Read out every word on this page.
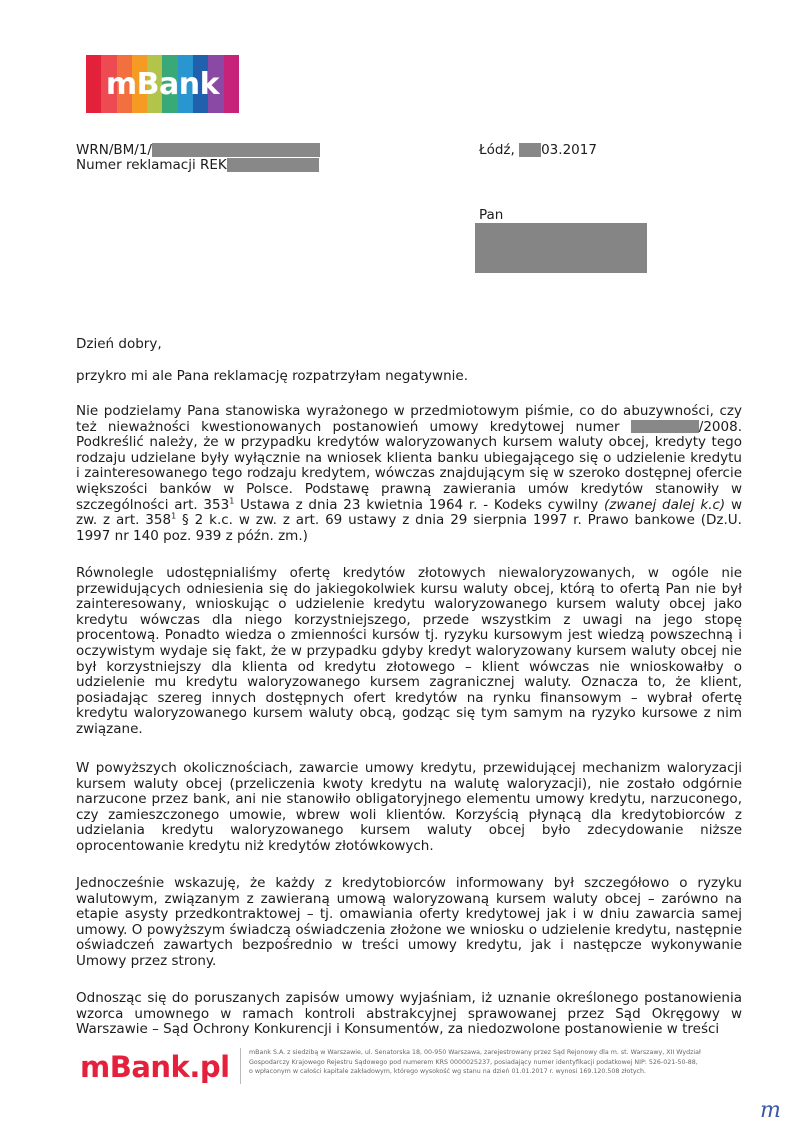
mBank
WRN/BM/1/
Numer reklamacji REK
Łódź, 03.2017
Pan

Dzień dobry,

przykro mi ale Pana reklamację rozpatrzyłam negatywnie.

Nie podzielamy Pana stanowiska wyrażonego w przedmiotowym piśmie, co do abuzywności, czy też nieważności kwestionowanych postanowień umowy kredytowej numer	/2008. Podkreślić należy, że w przypadku kredytów waloryzowanych kursem waluty obcej, kredyty tego rodzaju udzielane były wyłącznie na wniosek klienta banku ubiegającego się o udzielenie kredytu i zainteresowanego tego rodzaju kredytem, wówczas znajdującym się w szeroko dostępnej ofercie większości banków w Polsce. Podstawę prawną zawierania umów kredytów stanowiły w szczególności art. $353^1$ Ustawa z dnia 23 kwietnia 1964 r. - Kodeks cywilny (zwanej dalej k.c) w zw. z art. $358^1$ § 2 k.c. w zw. z art. 69 ustawy z dnia 29 sierpnia 1997 r. Prawo bankowe (Dz.U. 1997 nr 140 poz. 939 z późn. zm.)

Równolegle udostępnialiśmy ofertę kredytów złotowych niewaloryzowanych, w ogóle nie przewidujących odniesienia się do jakiegokolwiek kursu waluty obcej, którą to ofertą Pan nie był zainteresowany, wnioskując o udzielenie kredytu waloryzowanego kursem waluty obcej jako kredytu wówczas dla niego korzystniejszego, przede wszystkim z uwagi na jego stopę procentową. Ponadto wiedza o zmienności kursów tj. ryzyku kursowym jest wiedzą powszechną i oczywistym wydaje się fakt, że w przypadku gdyby kredyt waloryzowany kursem waluty obcej nie był korzystniejszy dla klienta od kredytu złotowego – klient wówczas nie wnioskowałby o udzielenie mu kredytu waloryzowanego kursem zagranicznej waluty. Oznacza to, że klient, posiadając szereg innych dostępnych ofert kredytów na rynku finansowym – wybrał ofertę kredytu waloryzowanego kursem waluty obcą, godząc się tym samym na ryzyko kursowe z nim związane.

W powyższych okolicznościach, zawarcie umowy kredytu, przewidującej mechanizm waloryzacji kursem waluty obcej (przeliczenia kwoty kredytu na walutę waloryzacji), nie zostało odgórnie narzucone przez bank, ani nie stanowiło obligatoryjnego elementu umowy kredytu, narzuconego, czy zamieszczonego umowie, wbrew woli klientów. Korzyścią płynącą dla kredytobiorców z udzielania kredytu waloryzowanego kursem waluty obcej było zdecydowanie niższe oprocentowanie kredytu niż kredytów złotówkowych.

Jednocześnie wskazuję, że każdy z kredytobiorców informowany był szczegółowo o ryzyku walutowym, związanym z zawieraną umową waloryzowaną kursem waluty obcej – zarówno na etapie asysty przedkontraktowej – tj. omawiania oferty kredytowej jak i w dniu zawarcia samej umowy. O powyższym świadczą oświadczenia złożone we wniosku o udzielenie kredytu, następnie oświadczeń zawartych bezpośrednio w treści umowy kredytu, jak i następcze wykonywanie Umowy przez strony.

Odnosząc się do poruszanych zapisów umowy wyjaśniam, iż uznanie określonego postanowienia wzorca umownego w ramach kontroli abstrakcyjnej sprawowanej przez Sąd Okręgowy w Warszawie – Sąd Ochrony Konkurencji i Konsumentów, za niedozwolone postanowienie w treści

mBank.pl	mBank S.A. z siedzibą w Warszawie, ul. Senatorska 18, 00-950 Warszawa, zarejestrowany przez Sąd Rejonowy dla m. st. Warszawy, XII Wydział
Gospodarczy Krajowego Rejestru Sądowego pod numerem KRS 0000025237, posiadający numer identyfikacji podatkowej NIP: 526-021-50-88,
o wpłaconym w całości kapitale zakładowym, którego wysokość wg stanu na dzień 01.01.2017 r. wynosi 169.120.508 złotych.
m
